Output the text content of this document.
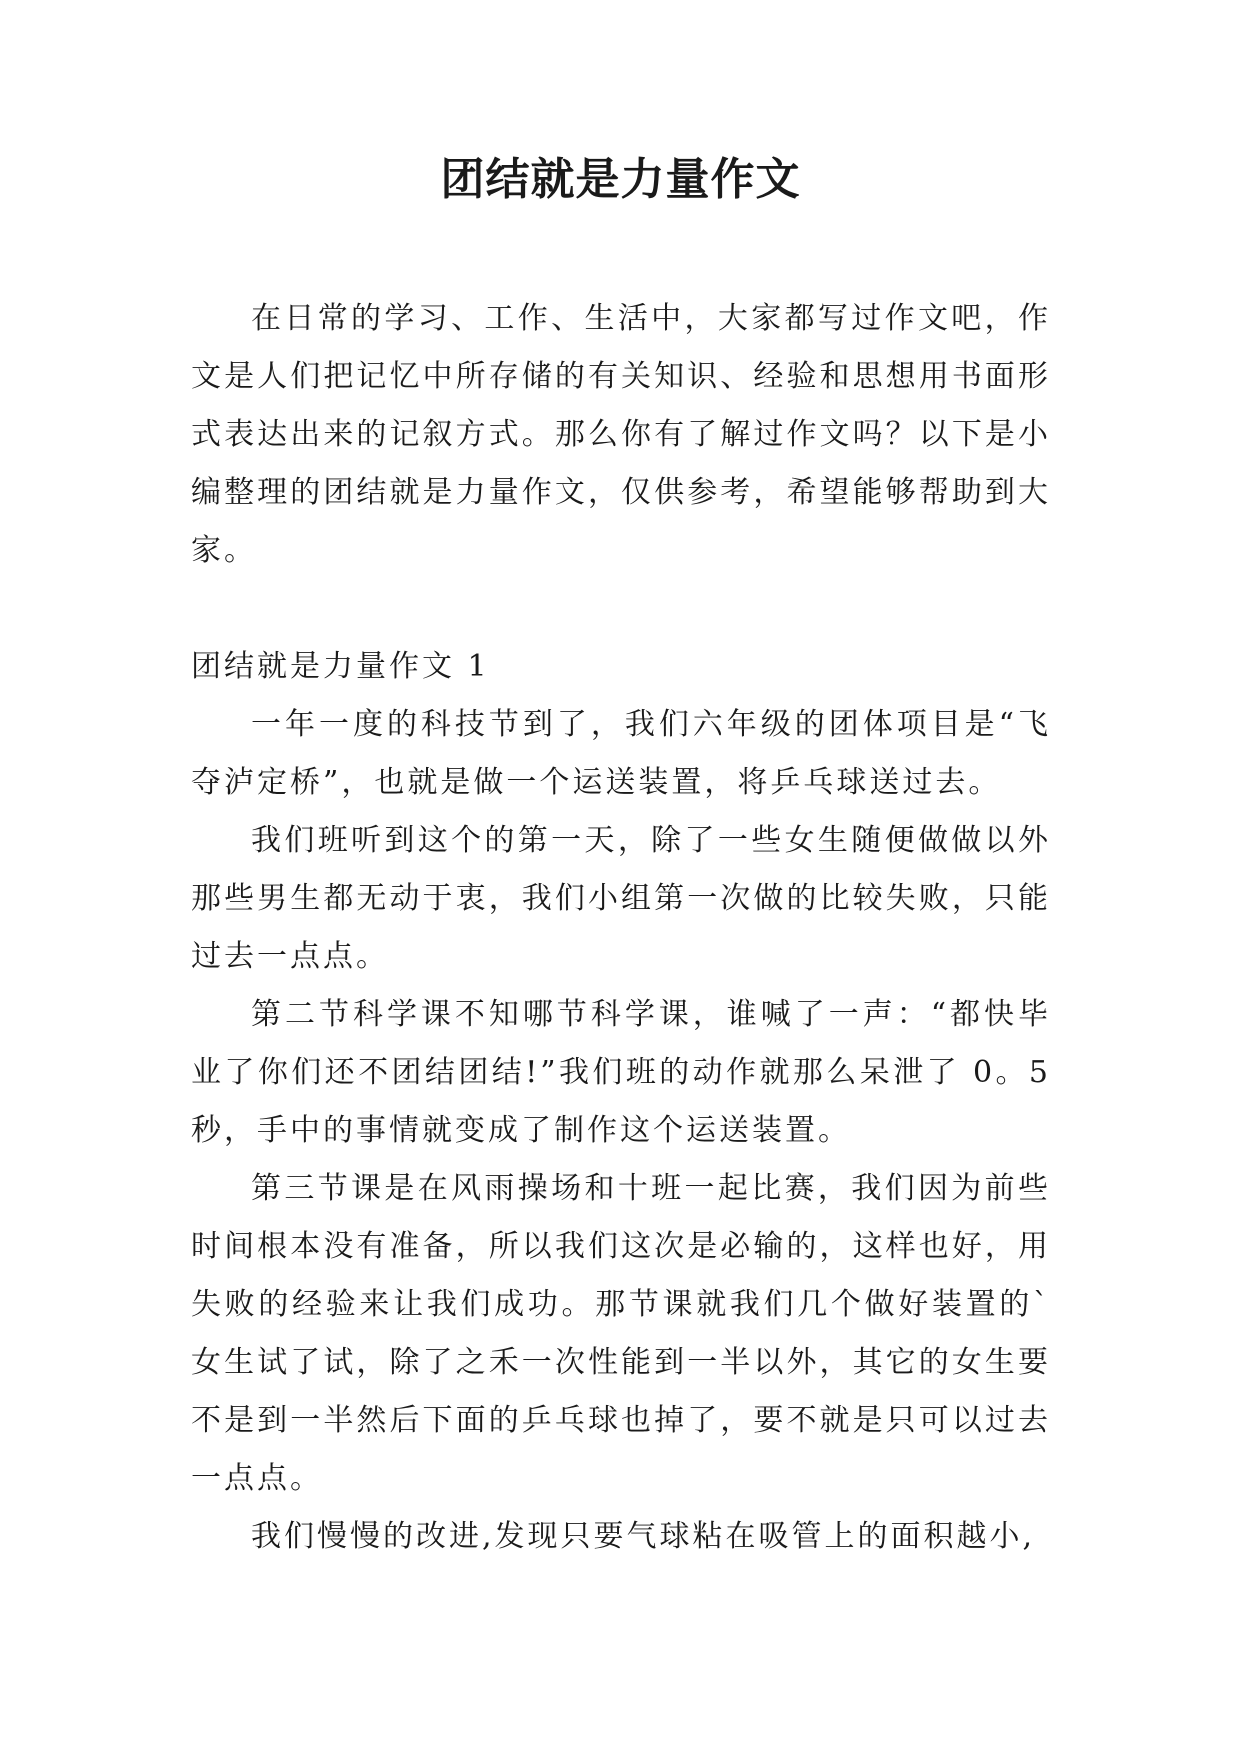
团结就是力量作文

在日常的学习、工作、生活中，大家都写过作文吧，作文是人们把记忆中所存储的有关知识、经验和思想用书面形式表达出来的记叙方式。那么你有了解过作文吗？以下是小编整理的团结就是力量作文，仅供参考，希望能够帮助到大家。

团结就是力量作文 1

一年一度的科技节到了，我们六年级的团体项目是“飞夺泸定桥”，也就是做一个运送装置，将乒乓球送过去。

我们班听到这个的第一天，除了一些女生随便做做以外那些男生都无动于衷，我们小组第一次做的比较失败，只能过去一点点。

第二节科学课不知哪节科学课，谁喊了一声：“都快毕业了你们还不团结团结!”我们班的动作就那么呆泄了 0。5 秒，手中的事情就变成了制作这个运送装置。

第三节课是在风雨操场和十班一起比赛，我们因为前些时间根本没有准备，所以我们这次是必输的，这样也好，用失败的经验来让我们成功。那节课就我们几个做好装置的`女生试了试，除了之禾一次性能到一半以外，其它的女生要不是到一半然后下面的乒乓球也掉了，要不就是只可以过去一点点。

我们慢慢的改进,发现只要气球粘在吸管上的面积越小,
